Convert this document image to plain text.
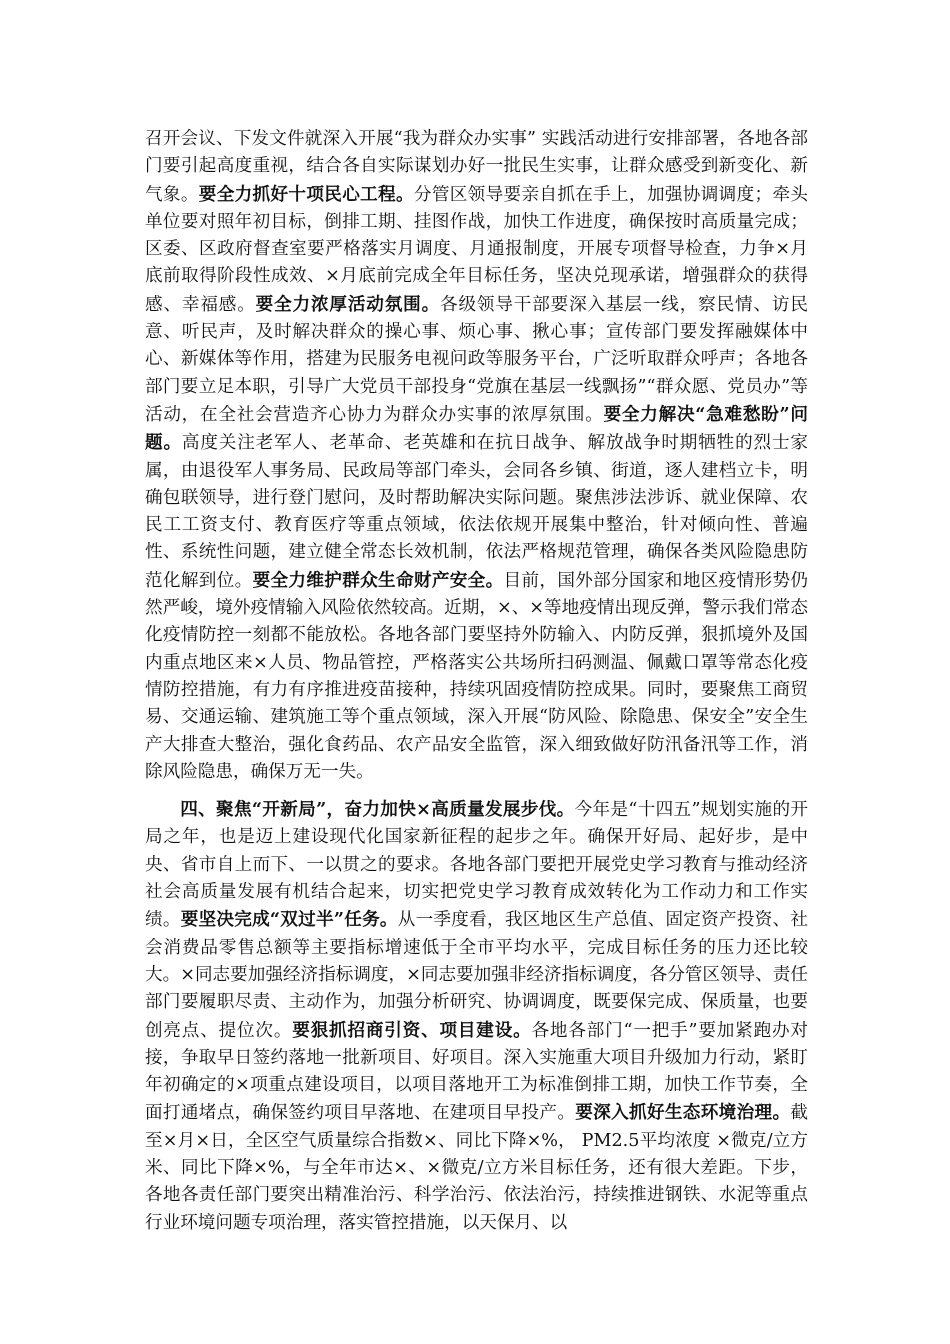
召开会议、下发文件就深入开展“我为群众办实事” 实践活动进行安排部署，各地各部门要引起高度重视，结合各自实际谋划办好一批民生实事，让群众感受到新变化、新气象。要全力抓好十项民心工程。分管区领导要亲自抓在手上，加强协调调度；牵头单位要对照年初目标，倒排工期、挂图作战，加快工作进度，确保按时高质量完成；区委、区政府督查室要严格落实月调度、月通报制度，开展专项督导检查，力争×月底前取得阶段性成效、×月底前完成全年目标任务，坚决兑现承诺，增强群众的获得感、幸福感。要全力浓厚活动氛围。各级领导干部要深入基层一线，察民情、访民意、听民声，及时解决群众的操心事、烦心事、揪心事；宣传部门要发挥融媒体中心、新媒体等作用，搭建为民服务电视问政等服务平台，广泛听取群众呼声；各地各部门要立足本职，引导广大党员干部投身“党旗在基层一线飘扬”“群众愿、党员办”等活动，在全社会营造齐心协力为群众办实事的浓厚氛围。要全力解决“急难愁盼”问题。高度关注老军人、老革命、老英雄和在抗日战争、解放战争时期牺牲的烈士家属，由退役军人事务局、民政局等部门牵头，会同各乡镇、街道，逐人建档立卡，明确包联领导，进行登门慰问，及时帮助解决实际问题。聚焦涉法涉诉、就业保障、农民工工资支付、教育医疗等重点领域，依法依规开展集中整治，针对倾向性、普遍性、系统性问题，建立健全常态长效机制，依法严格规范管理，确保各类风险隐患防范化解到位。要全力维护群众生命财产安全。目前，国外部分国家和地区疫情形势仍然严峻，境外疫情输入风险依然较高。近期，×、×等地疫情出现反弹，警示我们常态化疫情防控一刻都不能放松。各地各部门要坚持外防输入、内防反弹，狠抓境外及国内重点地区来×人员、物品管控，严格落实公共场所扫码测温、佩戴口罩等常态化疫情防控措施，有力有序推进疫苗接种，持续巩固疫情防控成果。同时，要聚焦工商贸易、交通运输、建筑施工等个重点领域，深入开展“防风险、除隐患、保安全”安全生产大排查大整治，强化食药品、农产品安全监管，深入细致做好防汛备汛等工作，消除风险隐患，确保万无一失。

四、聚焦“开新局”，奋力加快×高质量发展步伐。今年是“十四五”规划实施的开局之年，也是迈上建设现代化国家新征程的起步之年。确保开好局、起好步，是中央、省市自上而下、一以贯之的要求。各地各部门要把开展党史学习教育与推动经济社会高质量发展有机结合起来，切实把党史学习教育成效转化为工作动力和工作实绩。要坚决完成“双过半”任务。从一季度看，我区地区生产总值、固定资产投资、社会消费品零售总额等主要指标增速低于全市平均水平，完成目标任务的压力还比较大。×同志要加强经济指标调度，×同志要加强非经济指标调度，各分管区领导、责任部门要履职尽责、主动作为，加强分析研究、协调调度，既要保完成、保质量，也要创亮点、提位次。要狠抓招商引资、项目建设。各地各部门“一把手”要加紧跑办对接，争取早日签约落地一批新项目、好项目。深入实施重大项目升级加力行动，紧盯年初确定的×项重点建设项目，以项目落地开工为标准倒排工期，加快工作节奏，全面打通堵点，确保签约项目早落地、在建项目早投产。要深入抓好生态环境治理。截至×月×日，全区空气质量综合指数×、同比下降×%， PM2.5平均浓度 ×微克/立方米、同比下降×%，与全年市达×、×微克/立方米目标任务，还有很大差距。下步，各地各责任部门要突出精准治污、科学治污、依法治污，持续推进钢铁、水泥等重点行业环境问题专项治理，落实管控措施，以天保月、以
